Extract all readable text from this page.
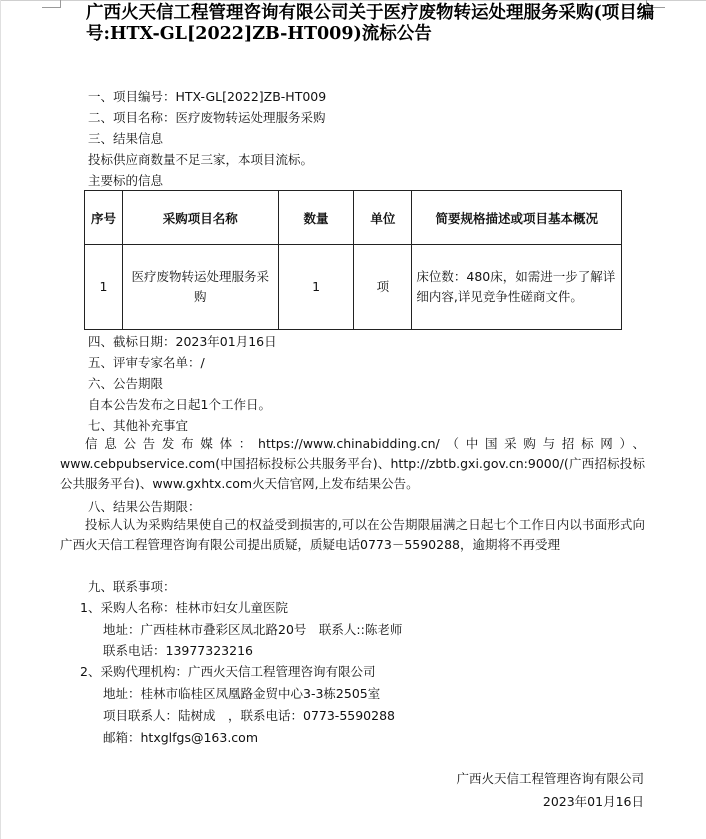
广西火天信工程管理咨询有限公司关于医疗废物转运处理服务采购(项目编号:HTX-GL[2022]ZB-HT009)流标公告
一、项目编号：HTX-GL[2022]ZB-HT009
二、项目名称：医疗废物转运处理服务采购
三、结果信息
投标供应商数量不足三家，本项目流标。
主要标的信息
序号	采购项目名称	数量	单位	简要规格描述或项目基本概况
1	医疗废物转运处理服务采购	1	项	床位数：480床，如需进一步了解详细内容,详见竞争性磋商文件。
四、截标日期：2023年01月16日
五、评审专家名单：/
六、公告期限
自本公告发布之日起1个工作日。
七、其他补充事宜
信息公告发布媒体：https://www.chinabidding.cn/（中国采购与招标网）、www.cebpubservice.com(中国招标投标公共服务平台)、http://zbtb.gxi.gov.cn:9000/(广西招标投标公共服务平台)、www.gxhtx.com火天信官网,上发布结果公告。
八、结果公告期限：
投标人认为采购结果使自己的权益受到损害的,可以在公告期限届满之日起七个工作日内以书面形式向广西火天信工程管理咨询有限公司提出质疑，质疑电话0773－5590288，逾期将不再受理
九、联系事项：
1、采购人名称：桂林市妇女儿童医院
地址：广西桂林市叠彩区凤北路20号　联系人::陈老师
联系电话：13977323216
2、采购代理机构：广西火天信工程管理咨询有限公司
地址：桂林市临桂区凤凰路金贸中心3-3栋2505室
项目联系人：陆树成　，联系电话：0773-5590288
邮箱：htxglfgs@163.com
广西火天信工程管理咨询有限公司
2023年01月16日
